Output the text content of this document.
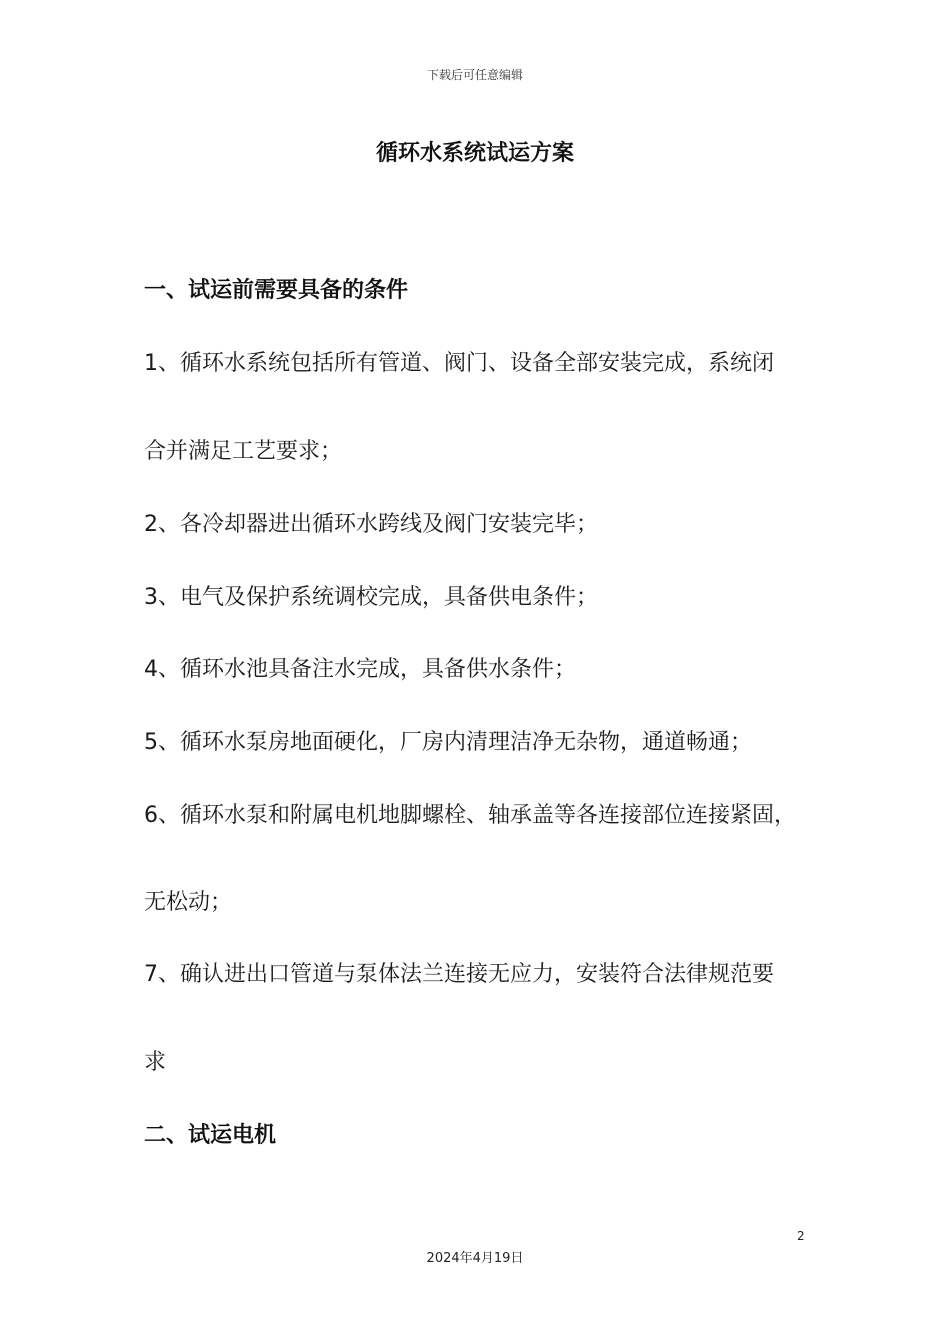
下载后可任意编辑
循环水系统试运方案
一、试运前需要具备的条件
1、循环水系统包括所有管道、阀门、设备全部安装完成，系统闭
合并满足工艺要求；
2、各冷却器进出循环水跨线及阀门安装完毕；
3、电气及保护系统调校完成，具备供电条件；
4、循环水池具备注水完成，具备供水条件；
5、循环水泵房地面硬化，厂房内清理洁净无杂物，通道畅通；
6、循环水泵和附属电机地脚螺栓、轴承盖等各连接部位连接紧固，
无松动；
7、确认进出口管道与泵体法兰连接无应力，安装符合法律规范要
求
二、试运电机
2
2024年4月19日
